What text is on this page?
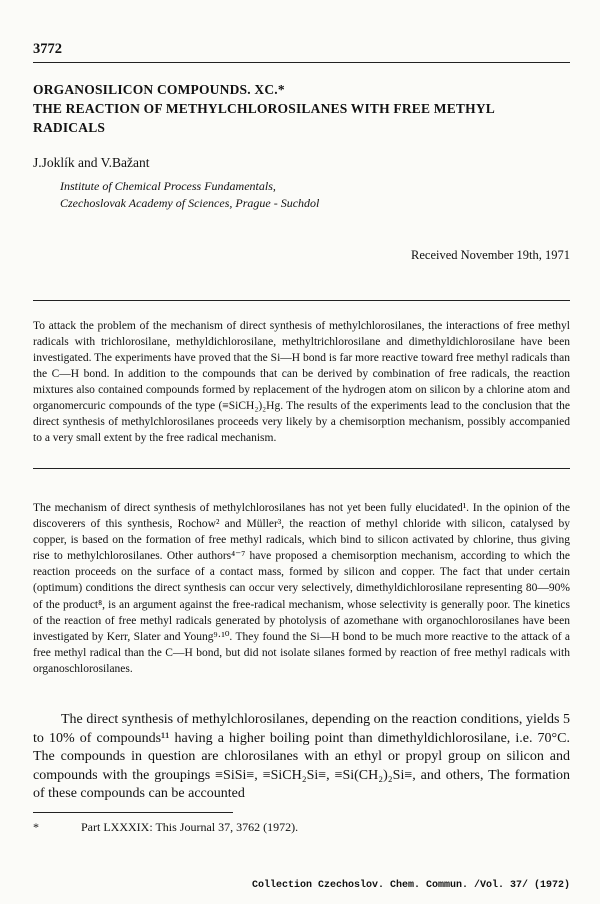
3772
ORGANOSILICON COMPOUNDS. XC.*
THE REACTION OF METHYLCHLOROSILANES WITH FREE METHYL
RADICALS
J.Joklík and V.Bažant
Institute of Chemical Process Fundamentals,
Czechoslovak Academy of Sciences, Prague - Suchdol
Received November 19th, 1971

To attack the problem of the mechanism of direct synthesis of methylchlorosilanes, the interactions of free methyl radicals with trichlorosilane, methyldichlorosilane, methyltrichlorosilane and dimethyldichlorosilane have been investigated. The experiments have proved that the Si—H bond is far more reactive toward free methyl radicals than the C—H bond. In addition to the compounds that can be derived by combination of free radicals, the reaction mixtures also contained compounds formed by replacement of the hydrogen atom on silicon by a chlorine atom and organomercuric compounds of the type (≡SiCH₂)₂Hg. The results of the experiments lead to the conclusion that the direct synthesis of methylchlorosilanes proceeds very likely by a chemisorption mechanism, possibly accompanied to a very small extent by the free radical mechanism.

The mechanism of direct synthesis of methylchlorosilanes has not yet been fully elucidated¹. In the opinion of the discoverers of this synthesis, Rochow² and Müller³, the reaction of methyl chloride with silicon, catalysed by copper, is based on the formation of free methyl radicals, which bind to silicon activated by chlorine, thus giving rise to methylchlorosilanes. Other authors⁴⁻⁷ have proposed a chemisorption mechanism, according to which the reaction proceeds on the surface of a contact mass, formed by silicon and copper. The fact that under certain (optimum) conditions the direct synthesis can occur very selectively, dimethyldichlorosilane representing 80—90% of the product⁸, is an argument against the free-radical mechanism, whose selectivity is generally poor. The kinetics of the reaction of free methyl radicals generated by photolysis of azomethane with organochlorosilanes have been investigated by Kerr, Slater and Young⁹·¹⁰. They found the Si—H bond to be much more reactive to the attack of a free methyl radical than the C—H bond, but did not isolate silanes formed by reaction of free methyl radicals with organoschlorosilanes.

The direct synthesis of methylchlorosilanes, depending on the reaction conditions, yields 5 to 10% of compounds¹¹ having a higher boiling point than dimethyldichlorosilane, i.e. 70°C. The compounds in question are chlorosilanes with an ethyl or propyl group on silicon and compounds with the groupings ≡SiSi≡, ≡SiCH₂Si≡, ≡Si(CH₂)₂Si≡, and others, The formation of these compounds can be accounted

*	Part LXXXIX: This Journal 37, 3762 (1972).
Collection Czechoslov. Chem. Commun. /Vol. 37/ (1972)
